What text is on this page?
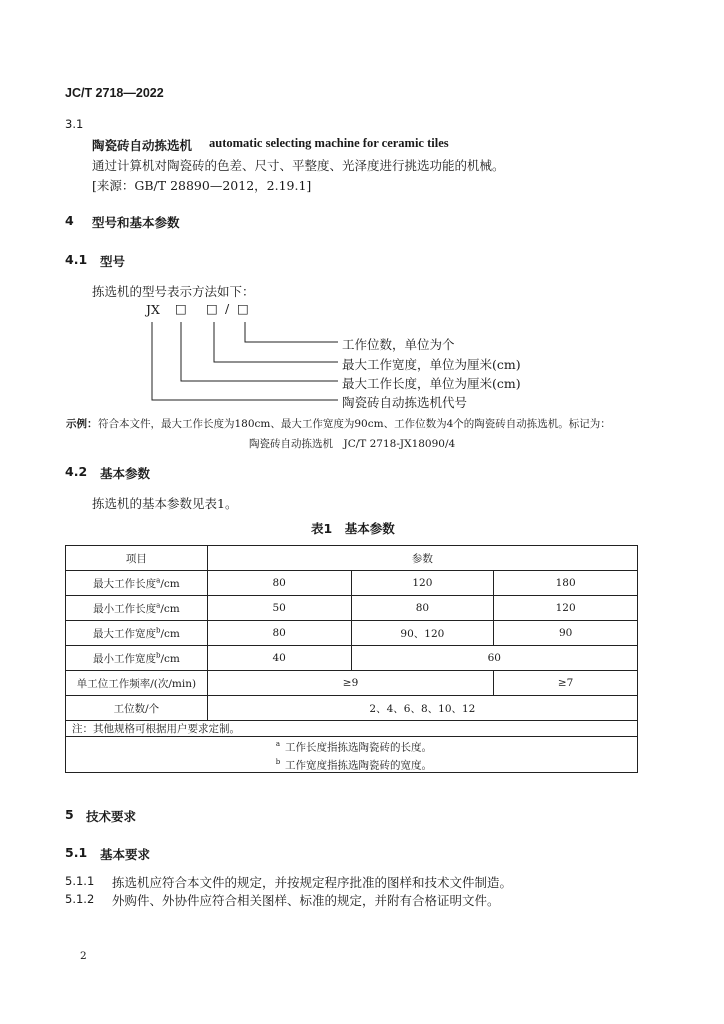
JC/T 2718—2022
3.1
陶瓷砖自动拣选机 automatic selecting machine for ceramic tiles
通过计算机对陶瓷砖的色差、尺寸、平整度、光泽度进行挑选功能的机械。
[来源：GB/T 28890—2012，2.19.1]
4 型号和基本参数
4.1 型号
拣选机的型号表示方法如下：
JX □ □ / □
工作位数，单位为个
最大工作宽度，单位为厘米(cm)
最大工作长度，单位为厘米(cm)
陶瓷砖自动拣选机代号
示例： 符合本文件，最大工作长度为180cm、最大工作宽度为90cm、工作位数为4个的陶瓷砖自动拣选机。标记为：
陶瓷砖自动拣选机　JC/T 2718-JX18090/4
4.2 基本参数
拣选机的基本参数见表1。
表1　基本参数
项目	参数		
最大工作长度$^a$/cm	80	120	180
最小工作长度$^a$/cm	50	80	120
最大工作宽度$^b$/cm	80	90、120	90
最小工作宽度$^b$/cm	40	60	
单工位工作频率/(次/min)	≥9		≥7
工位数/个	2、4、6、8、10、12		
注：其他规格可根据用户要求定制。			

a 工作长度指拣选陶瓷砖的长度。
b 工作宽度指拣选陶瓷砖的宽度。			
5 技术要求
5.1 基本要求
5.1.1 拣选机应符合本文件的规定，并按规定程序批准的图样和技术文件制造。
5.1.2 外购件、外协件应符合相关图样、标准的规定，并附有合格证明文件。
2
